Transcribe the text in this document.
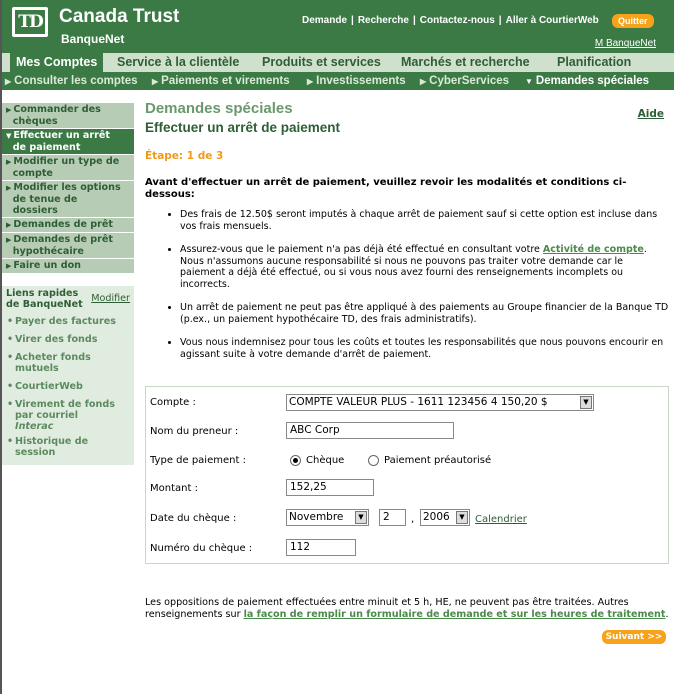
TD Canada Trust
BanqueNet
Demande | Recherche | Contactez-nous | Aller à CourtierWeb	Quitter
M BanqueNet
Mes Comptes	Service à la clientèle Produits et services Marchés et recherche Planification
▶ Consulter les comptes ▶ Paiements et virements ▶ Investissements ▶ CyberServices ▼ Demandes spéciales
▶ Commander des
chèques
▼ Effectuer un arrêt
de paiement
▶ Modifier un type de
compte
▶ Modifier les options
de tenue de
dossiers
▶ Demandes de prêt
▶ Demandes de prêt
hypothécaire
▶ Faire un don
Liens rapides
de BanqueNet
Modifier
• Payer des factures
• Virer des fonds
• Acheter fonds
mutuels
• CourtierWeb
• Virement de fonds
par courriel
Interac
• Historique de
session
Demandes spéciales	Aide
Effectuer un arrêt de paiement
Étape: 1 de 3
Avant d'effectuer un arrêt de paiement, veuillez revoir les modalités et conditions ci-dessous:
• Des frais de 12.50$ seront imputés à chaque arrêt de paiement sauf si cette option est incluse dans vos frais mensuels.
• Assurez-vous que le paiement n'a pas déjà été effectué en consultant votre Activité de compte. Nous n'assumons aucune responsabilité si nous ne pouvons pas traiter votre demande car le paiement a déjà été effectué, ou si vous nous avez fourni des renseignements incomplets ou incorrects.
• Un arrêt de paiement ne peut pas être appliqué à des paiements au Groupe financier de la Banque TD (p.ex., un paiement hypothécaire TD, des frais administratifs).
• Vous nous indemnisez pour tous les coûts et toutes les responsabilités que nous pouvons encourir en agissant suite à votre demande d'arrêt de paiement.
Compte :	COMPTE VALEUR PLUS - 1611 123456 4 150,20 $	▼
Nom du preneur :	ABC Corp
Type de paiement :	Chèque	Paiement préautorisé
Montant :	152,25
Date du chèque :	Novembre	▼	2	, 2006	▼	Calendrier
Numéro du chèque :	112
Les oppositions de paiement effectuées entre minuit et 5 h, HE, ne peuvent pas être traitées. Autres renseignements sur la façon de remplir un formulaire de demande et sur les heures de traitement.
Suivant >>
